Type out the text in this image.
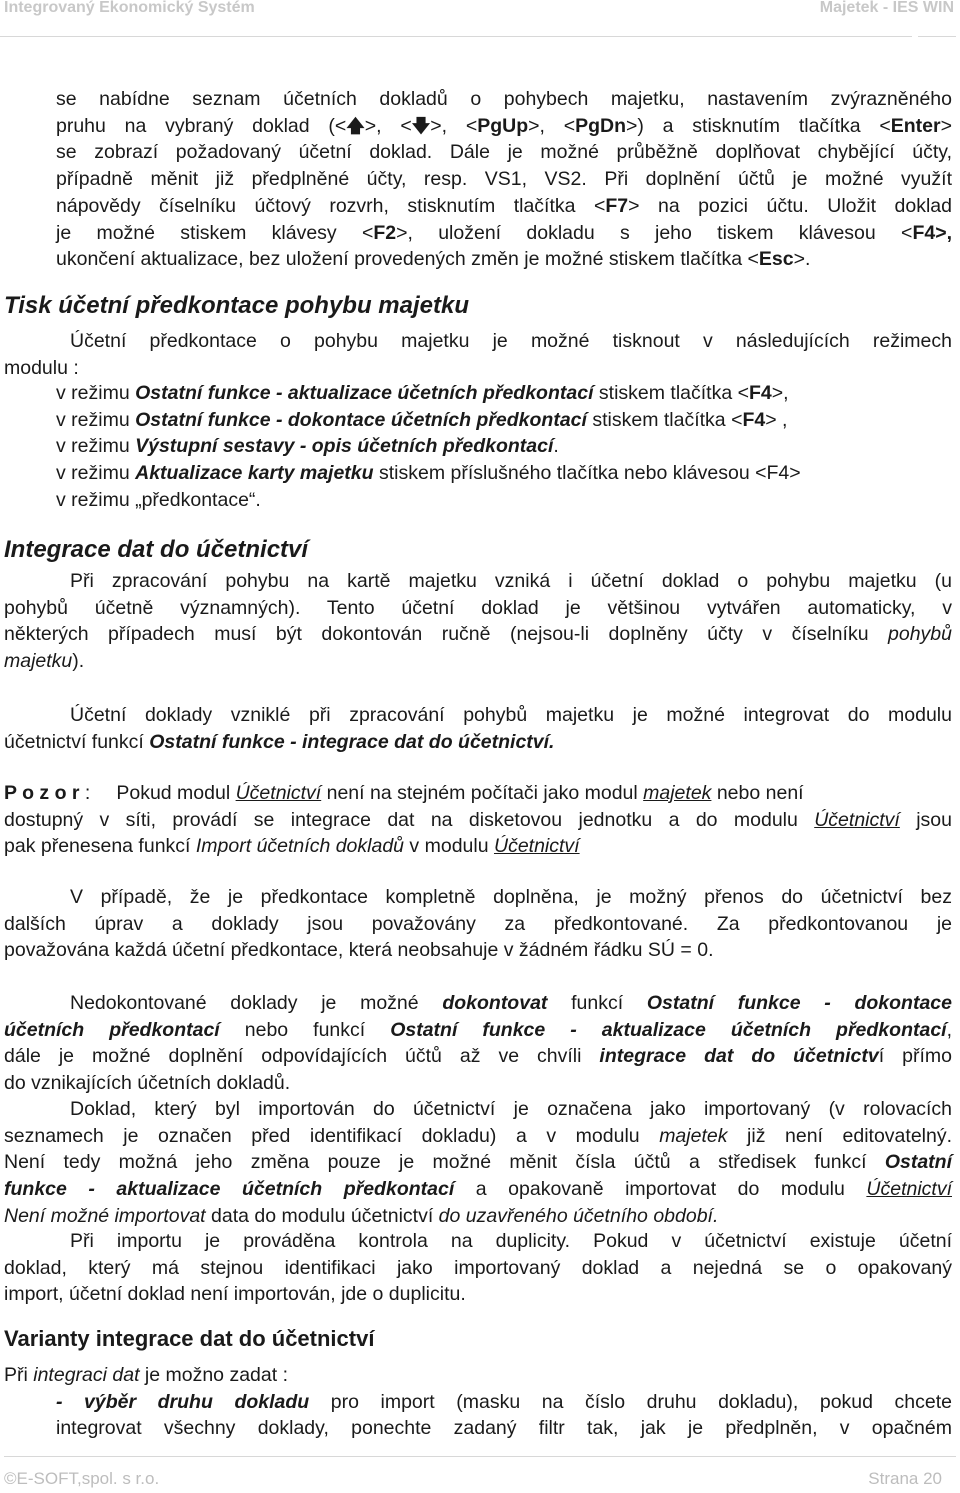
Integrovaný Ekonomický Systém	Majetek - IES WIN
se nabídne seznam účetních dokladů o pohybech majetku, nastavením zvýrazněného
pruhu na vybraný doklad (<🡅>, <🡇>, <PgUp>, <PgDn>) a stisknutím tlačítka <Enter>
se zobrazí požadovaný účetní doklad. Dále je možné průběžně doplňovat chybějící účty,
případně měnit již předplněné účty, resp. VS1, VS2. Při doplnění účtů je možné využít
nápovědy číselníku účtový rozvrh, stisknutím tlačítka <F7> na pozici účtu. Uložit doklad
je možné stiskem klávesy <F2>, uložení dokladu s jeho tiskem klávesou <F4>,
ukončení aktualizace, bez uložení provedených změn je možné stiskem tlačítka <Esc>.
Tisk účetní předkontace pohybu majetku
Účetní předkontace o pohybu majetku je možné tisknout v následujících režimech
modulu :
v režimu Ostatní funkce - aktualizace účetních předkontací stiskem tlačítka <F4>,
v režimu Ostatní funkce - dokontace účetních předkontací stiskem tlačítka <F4> ,
v režimu Výstupní sestavy - opis účetních předkontací.
v režimu Aktualizace karty majetku stiskem příslušného tlačítka nebo klávesou <F4>
v režimu „předkontace“.
Integrace dat do účetnictví
Při zpracování pohybu na kartě majetku vzniká i účetní doklad o pohybu majetku (u
pohybů účetně významných). Tento účetní doklad je většinou vytvářen automaticky, v
některých případech musí být dokontován ručně (nejsou-li doplněny účty v číselníku pohybů
majetku).
Účetní doklady vzniklé při zpracování pohybů majetku je možné integrovat do modulu
účetnictví funkcí Ostatní funkce - integrace dat do účetnictví.
P o z o r : Pokud modul Účetnictví není na stejném počítači jako modul majetek nebo není
dostupný v síti, provádí se integrace dat na disketovou jednotku a do modulu Účetnictví jsou
pak přenesena funkcí Import účetních dokladů v modulu Účetnictví
V případě, že je předkontace kompletně doplněna, je možný přenos do účetnictví bez
dalších úprav a doklady jsou považovány za předkontované. Za předkontovanou je
považována každá účetní předkontace, která neobsahuje v žádném řádku SÚ = 0.
Nedokontované doklady je možné dokontovat funkcí Ostatní funkce - dokontace
účetních předkontací nebo funkcí Ostatní funkce - aktualizace účetních předkontací,
dále je možné doplnění odpovídajících účtů až ve chvíli integrace dat do účetnictví přímo
do vznikajících účetních dokladů.
Doklad, který byl importován do účetnictví je označena jako importovaný (v rolovacích
seznamech je označen před identifikací dokladu) a v modulu majetek již není editovatelný.
Není tedy možná jeho změna pouze je možné měnit čísla účtů a středisek funkcí Ostatní
funkce - aktualizace účetních předkontací a opakovaně importovat do modulu Účetnictví
Není možné importovat data do modulu účetnictví do uzavřeného účetního období.
Při importu je prováděna kontrola na duplicity. Pokud v účetnictví existuje účetní
doklad, který má stejnou identifikaci jako importovaný doklad a nejedná se o opakovaný
import, účetní doklad není importován, jde o duplicitu.
Varianty integrace dat do účetnictví
Při integraci dat je možno zadat :
- výběr druhu dokladu pro import (masku na číslo druhu dokladu), pokud chcete
integrovat všechny doklady, ponechte zadaný filtr tak, jak je předplněn, v opačném
©E-SOFT,spol. s r.o.	Strana 20
